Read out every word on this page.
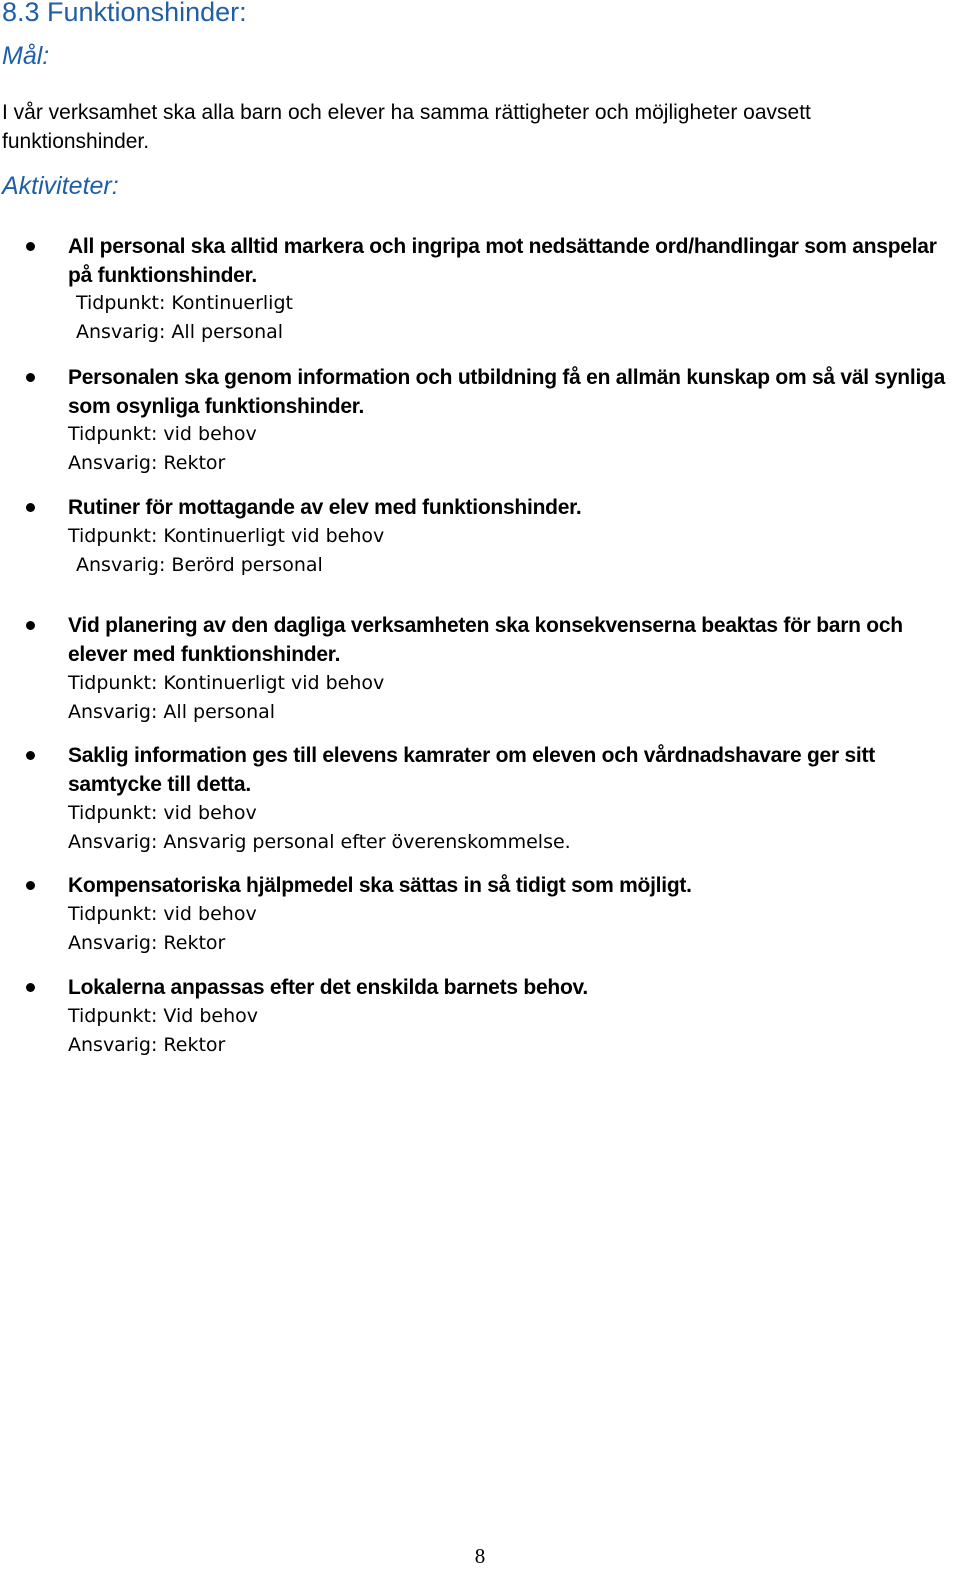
8.3 Funktionshinder:
Mål:

I vår verksamhet ska alla barn och elever ha samma rättigheter och möjligheter oavsett funktionshinder.

Aktiviteter:

All personal ska alltid markera och ingripa mot nedsättande ord/handlingar som anspelar på funktionshinder.

Tidpunkt: Kontinuerligt

Ansvarig: All personal

Personalen ska genom information och utbildning få en allmän kunskap om så väl synliga som osynliga funktionshinder.

Tidpunkt: vid behov

Ansvarig: Rektor

Rutiner för mottagande av elev med funktionshinder.

Tidpunkt: Kontinuerligt vid behov

Ansvarig: Berörd personal

Vid planering av den dagliga verksamheten ska konsekvenserna beaktas för barn och elever med funktionshinder.

Tidpunkt: Kontinuerligt vid behov

Ansvarig: All personal

Saklig information ges till elevens kamrater om eleven och vårdnadshavare ger sitt samtycke till detta.

Tidpunkt: vid behov

Ansvarig: Ansvarig personal efter överenskommelse.

Kompensatoriska hjälpmedel ska sättas in så tidigt som möjligt.

Tidpunkt: vid behov

Ansvarig: Rektor

Lokalerna anpassas efter det enskilda barnets behov.

Tidpunkt: Vid behov

Ansvarig: Rektor

8
